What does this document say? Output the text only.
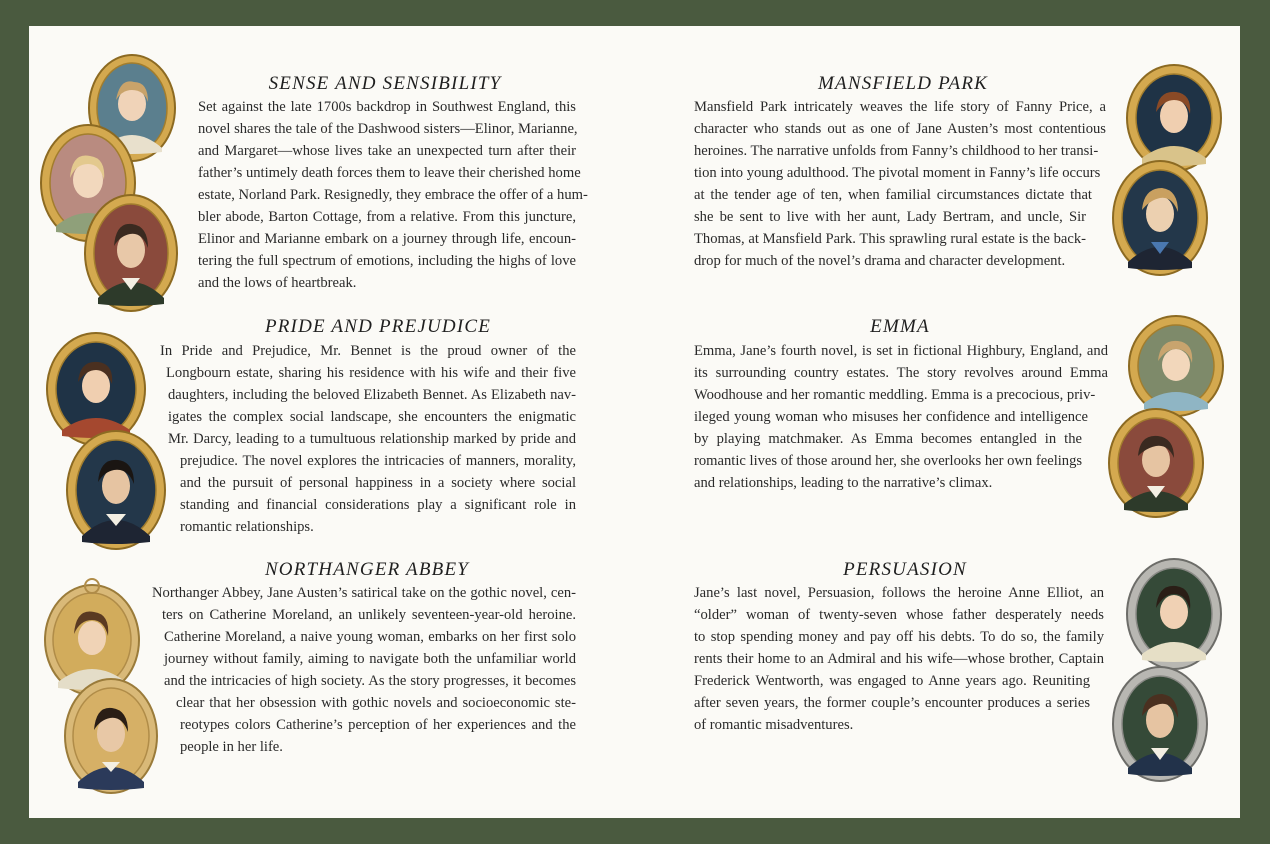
SENSE AND SENSIBILITY
Set against the late 1700s backdrop in Southwest England, this
novel shares the tale of the Dashwood sisters—Elinor, Marianne,
and Margaret—whose lives take an unexpected turn after their
father’s untimely death forces them to leave their cherished home
estate, Norland Park. Resignedly, they embrace the offer of a hum-
bler abode, Barton Cottage, from a relative. From this juncture,
Elinor and Marianne embark on a journey through life, encoun-
tering the full spectrum of emotions, including the highs of love
and the lows of heartbreak.
PRIDE AND PREJUDICE
In Pride and Prejudice, Mr. Bennet is the proud owner of the
Longbourn estate, sharing his residence with his wife and their five
daughters, including the beloved Elizabeth Bennet. As Elizabeth nav-
igates the complex social landscape, she encounters the enigmatic
Mr. Darcy, leading to a tumultuous relationship marked by pride and
prejudice. The novel explores the intricacies of manners, morality,
and the pursuit of personal happiness in a society where social
standing and financial considerations play a significant role in
romantic relationships.
NORTHANGER ABBEY
Northanger Abbey, Jane Austen’s satirical take on the gothic novel, cen-
ters on Catherine Moreland, an unlikely seventeen-year-old heroine.
Catherine Moreland, a naive young woman, embarks on her first solo
journey without family, aiming to navigate both the unfamiliar world
and the intricacies of high society. As the story progresses, it becomes
clear that her obsession with gothic novels and socioeconomic ste-
reotypes colors Catherine’s perception of her experiences and the
people in her life.
MANSFIELD PARK
Mansfield Park intricately weaves the life story of Fanny Price, a
character who stands out as one of Jane Austen’s most contentious
heroines. The narrative unfolds from Fanny’s childhood to her transi-
tion into young adulthood. The pivotal moment in Fanny’s life occurs
at the tender age of ten, when familial circumstances dictate that
she be sent to live with her aunt, Lady Bertram, and uncle, Sir
Thomas, at Mansfield Park. This sprawling rural estate is the back-
drop for much of the novel’s drama and character development.
EMMA
Emma, Jane’s fourth novel, is set in fictional Highbury, England, and
its surrounding country estates. The story revolves around Emma
Woodhouse and her romantic meddling. Emma is a precocious, priv-
ileged young woman who misuses her confidence and intelligence
by playing matchmaker. As Emma becomes entangled in the
romantic lives of those around her, she overlooks her own feelings
and relationships, leading to the narrative’s climax.
PERSUASION
Jane’s last novel, Persuasion, follows the heroine Anne Elliot, an
“older” woman of twenty-seven whose father desperately needs
to stop spending money and pay off his debts. To do so, the family
rents their home to an Admiral and his wife—whose brother, Captain
Frederick Wentworth, was engaged to Anne years ago. Reuniting
after seven years, the former couple’s encounter produces a series
of romantic misadventures.
